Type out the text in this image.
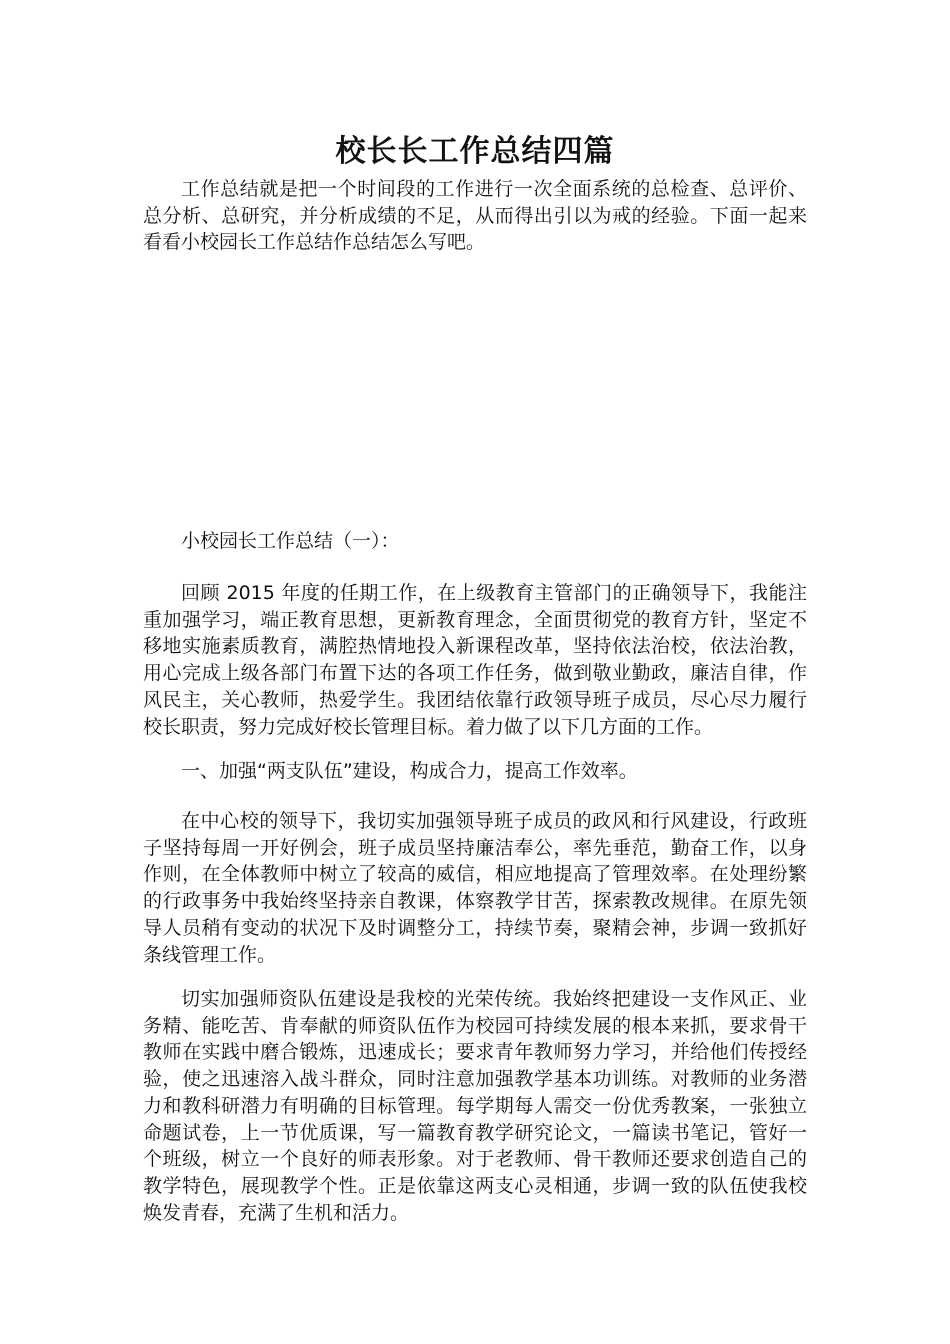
校长长工作总结四篇

工作总结就是把一个时间段的工作进行一次全面系统的总检查、总评价、总分析、总研究，并分析成绩的不足，从而得出引以为戒的经验。下面一起来看看小校园长工作总结作总结怎么写吧。

小校园长工作总结（一）：

回顾 2015 年度的任期工作，在上级教育主管部门的正确领导下，我能注重加强学习，端正教育思想，更新教育理念，全面贯彻党的教育方针，坚定不移地实施素质教育，满腔热情地投入新课程改革，坚持依法治校，依法治教，用心完成上级各部门布置下达的各项工作任务，做到敬业勤政，廉洁自律，作风民主，关心教师，热爱学生。我团结依靠行政领导班子成员，尽心尽力履行校长职责，努力完成好校长管理目标。着力做了以下几方面的工作。

一、加强“两支队伍”建设，构成合力，提高工作效率。

在中心校的领导下，我切实加强领导班子成员的政风和行风建设，行政班子坚持每周一开好例会，班子成员坚持廉洁奉公，率先垂范，勤奋工作，以身作则，在全体教师中树立了较高的威信，相应地提高了管理效率。在处理纷繁的行政事务中我始终坚持亲自教课，体察教学甘苦，探索教改规律。在原先领导人员稍有变动的状况下及时调整分工，持续节奏，聚精会神，步调一致抓好条线管理工作。

切实加强师资队伍建设是我校的光荣传统。我始终把建设一支作风正、业务精、能吃苦、肯奉献的师资队伍作为校园可持续发展的根本来抓，要求骨干教师在实践中磨合锻炼，迅速成长；要求青年教师努力学习，并给他们传授经验，使之迅速溶入战斗群众，同时注意加强教学基本功训练。对教师的业务潜力和教科研潜力有明确的目标管理。每学期每人需交一份优秀教案，一张独立命题试卷，上一节优质课，写一篇教育教学研究论文，一篇读书笔记，管好一个班级，树立一个良好的师表形象。对于老教师、骨干教师还要求创造自己的教学特色，展现教学个性。正是依靠这两支心灵相通，步调一致的队伍使我校焕发青春，充满了生机和活力。
